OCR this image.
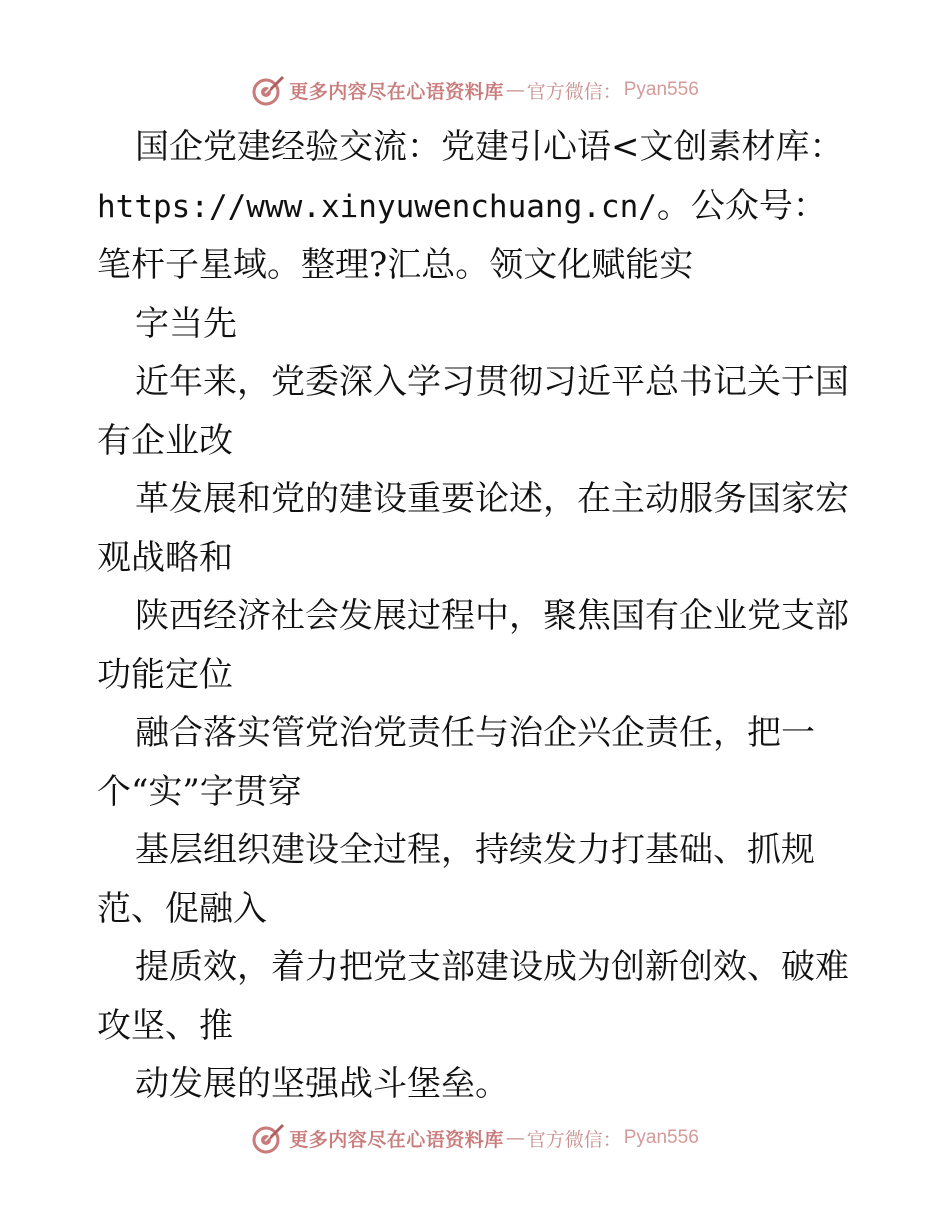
更多内容尽在心语资料库 — 官方微信： Pyan556

国企党建经验交流：党建引心语<文创素材库：https://www.xinyuwenchuang.cn/。公众号：笔杆子星域。整理?汇总。领文化赋能实

字当先

近年来，党委深入学习贯彻习近平总书记关于国有企业改

革发展和党的建设重要论述，在主动服务国家宏观战略和

陕西经济社会发展过程中，聚焦国有企业党支部功能定位

融合落实管党治党责任与治企兴企责任，把一个“实”字贯穿

基层组织建设全过程，持续发力打基础、抓规范、促融入

提质效，着力把党支部建设成为创新创效、破难攻坚、推

动发展的坚强战斗堡垒。

更多内容尽在心语资料库 — 官方微信： Pyan556
